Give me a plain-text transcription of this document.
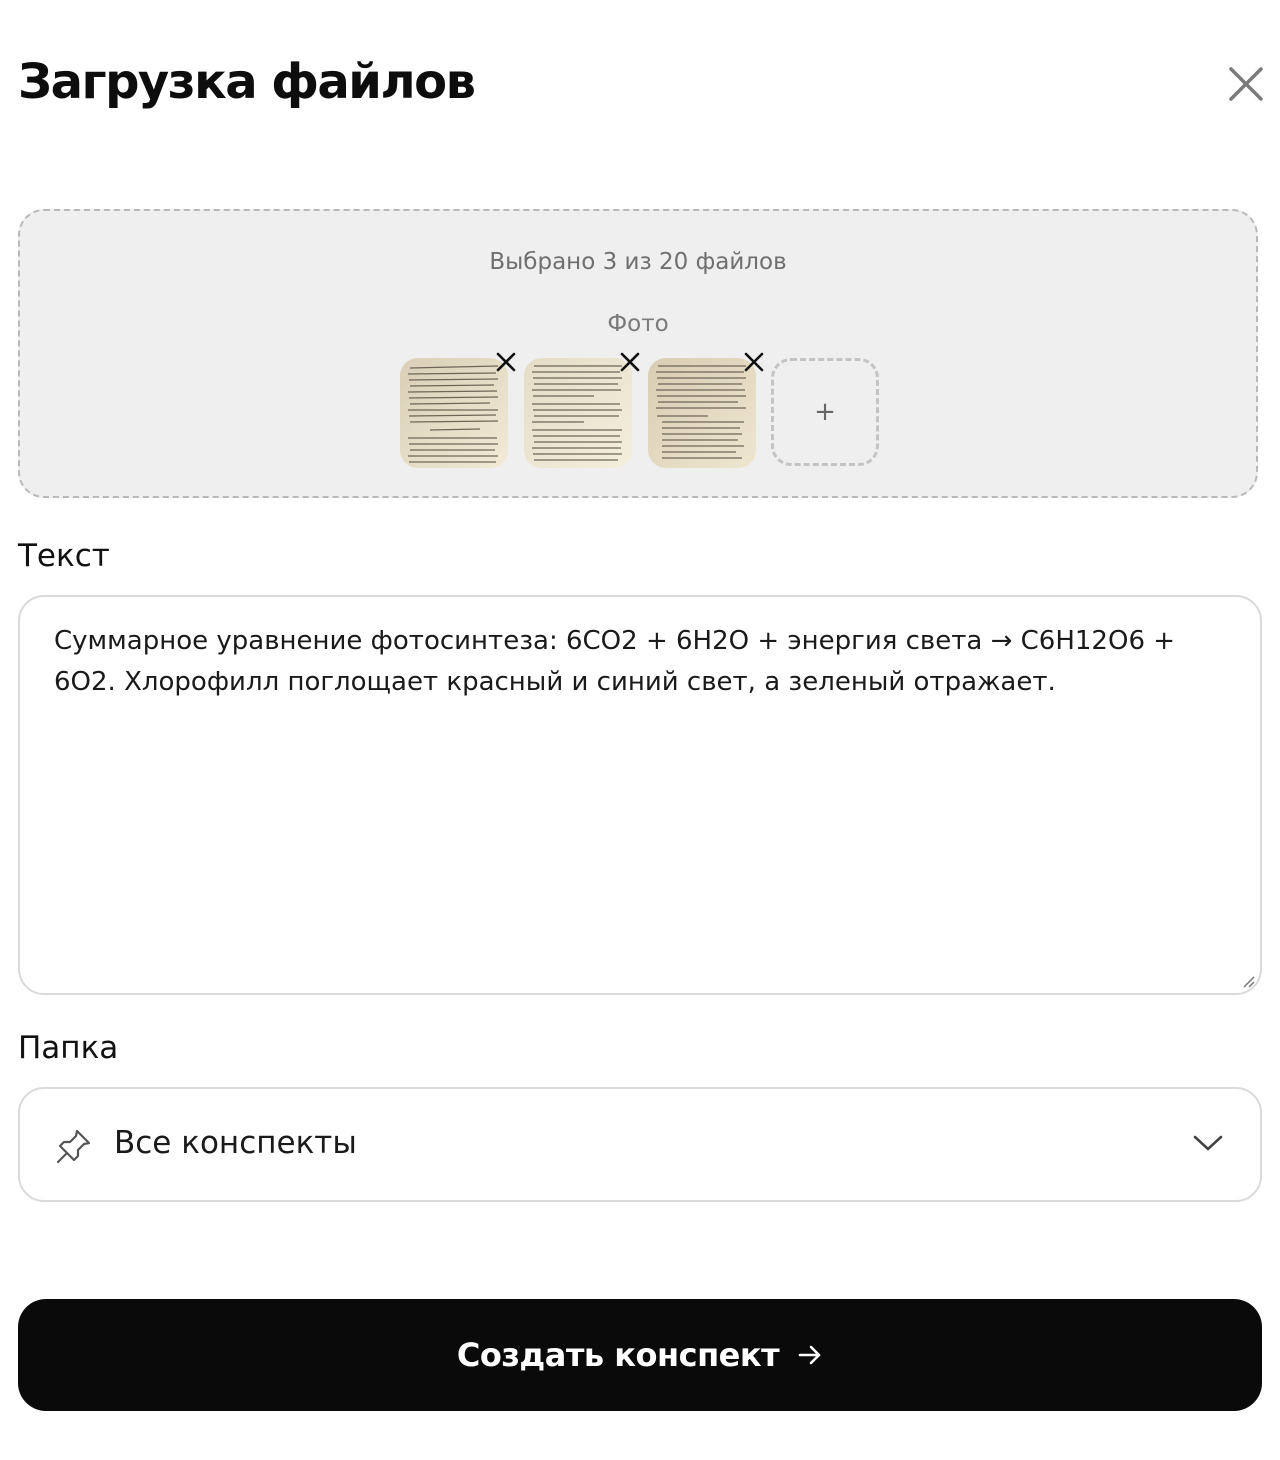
Загрузка файлов
Выбрано 3 из 20 файлов
Фото
+
Текст
Суммарное уравнение фотосинтеза: 6CO2 + 6H2O + энергия света → C6H12O6 + 6O2. Хлорофилл поглощает красный и синий свет, а зеленый отражает.
Папка
Все конспекты
Создать конспект
